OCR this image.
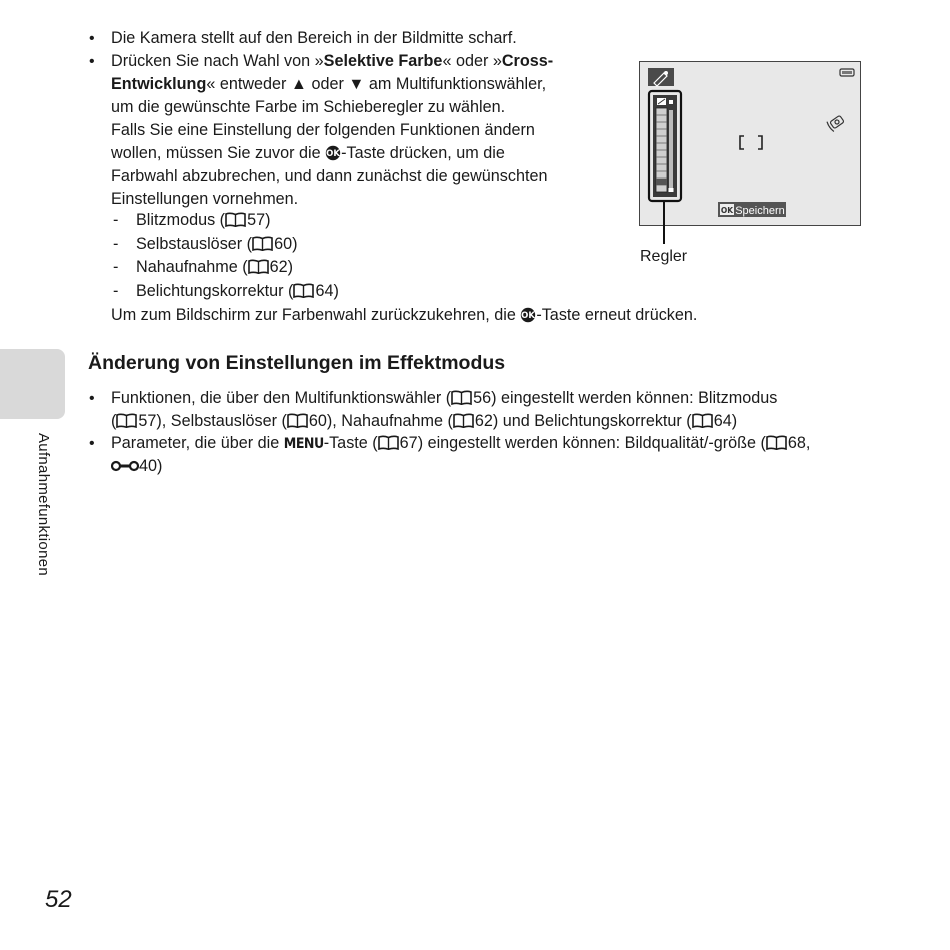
Aufnahmefunktionen
• Die Kamera stellt auf den Bereich in der Bildmitte scharf.
• Drücken Sie nach Wahl von »Selektive Farbe« oder »Cross-
Entwicklung« entweder ▲ oder ▼ am Multifunktionswähler,
um die gewünschte Farbe im Schieberegler zu wählen.
Falls Sie eine Einstellung der folgenden Funktionen ändern
wollen, müssen Sie zuvor die -Taste drücken, um die
Farbwahl abzubrechen, und dann zunächst die gewünschten
Einstellungen vornehmen.
- Blitzmodus ( 57)
- Selbstauslöser ( 60)
- Nahaufnahme ( 62)
- Belichtungskorrektur ( 64)
Um zum Bildschirm zur Farbenwahl zurückzukehren, die -Taste erneut drücken.
OK Speichern
Regler
Änderung von Einstellungen im Effektmodus
• Funktionen, die über den Multifunktionswähler ( 56) eingestellt werden können: Blitzmodus
( 57), Selbstauslöser ( 60), Nahaufnahme ( 62) und Belichtungskorrektur ( 64)
• Parameter, die über die MENU-Taste ( 67) eingestellt werden können: Bildqualität/-größe ( 68,
40)
52
